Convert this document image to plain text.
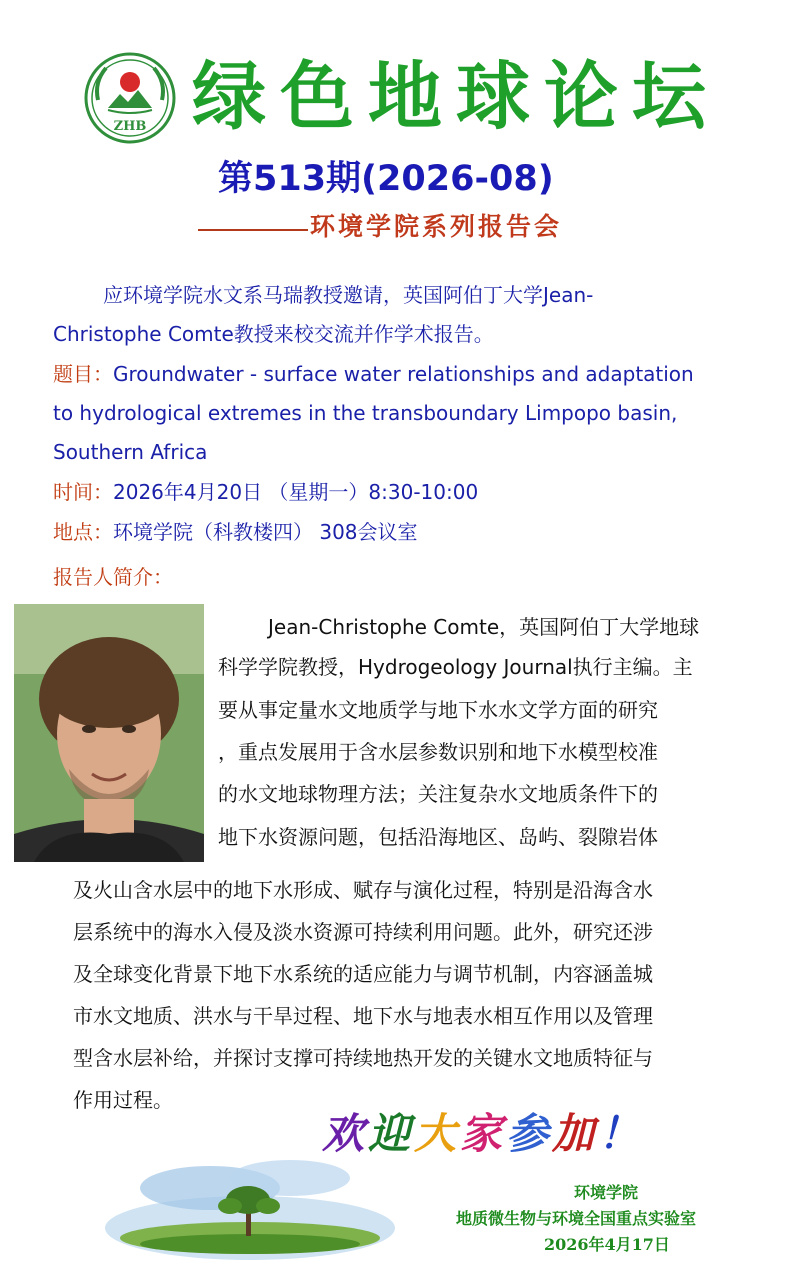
ZHB 绿色地球论坛
第513期(2026-08)
环境学院系列报告会
应环境学院水文系马瑞教授邀请，英国阿伯丁大学Jean-
Christophe Comte教授来校交流并作学术报告。
题目：Groundwater - surface water relationships and adaptation
to hydrological extremes in the transboundary Limpopo basin,
Southern Africa
时间：2026年4月20日 （星期一）8:30-10:00
地点：环境学院（科教楼四） 308会议室
报告人简介：
Jean-Christophe Comte，英国阿伯丁大学地球
科学学院教授，Hydrogeology Journal执行主编。主
要从事定量水文地质学与地下水水文学方面的研究
，重点发展用于含水层参数识别和地下水模型校准
的水文地球物理方法；关注复杂水文地质条件下的
地下水资源问题，包括沿海地区、岛屿、裂隙岩体
及火山含水层中的地下水形成、赋存与演化过程，特别是沿海含水
层系统中的海水入侵及淡水资源可持续利用问题。此外，研究还涉
及全球变化背景下地下水系统的适应能力与调节机制，内容涵盖城
市水文地质、洪水与干旱过程、地下水与地表水相互作用以及管理
型含水层补给，并探讨支撑可持续地热开发的关键水文地质特征与
作用过程。
欢迎大家参加！
环境学院
地质微生物与环境全国重点实验室
2026年4月17日
